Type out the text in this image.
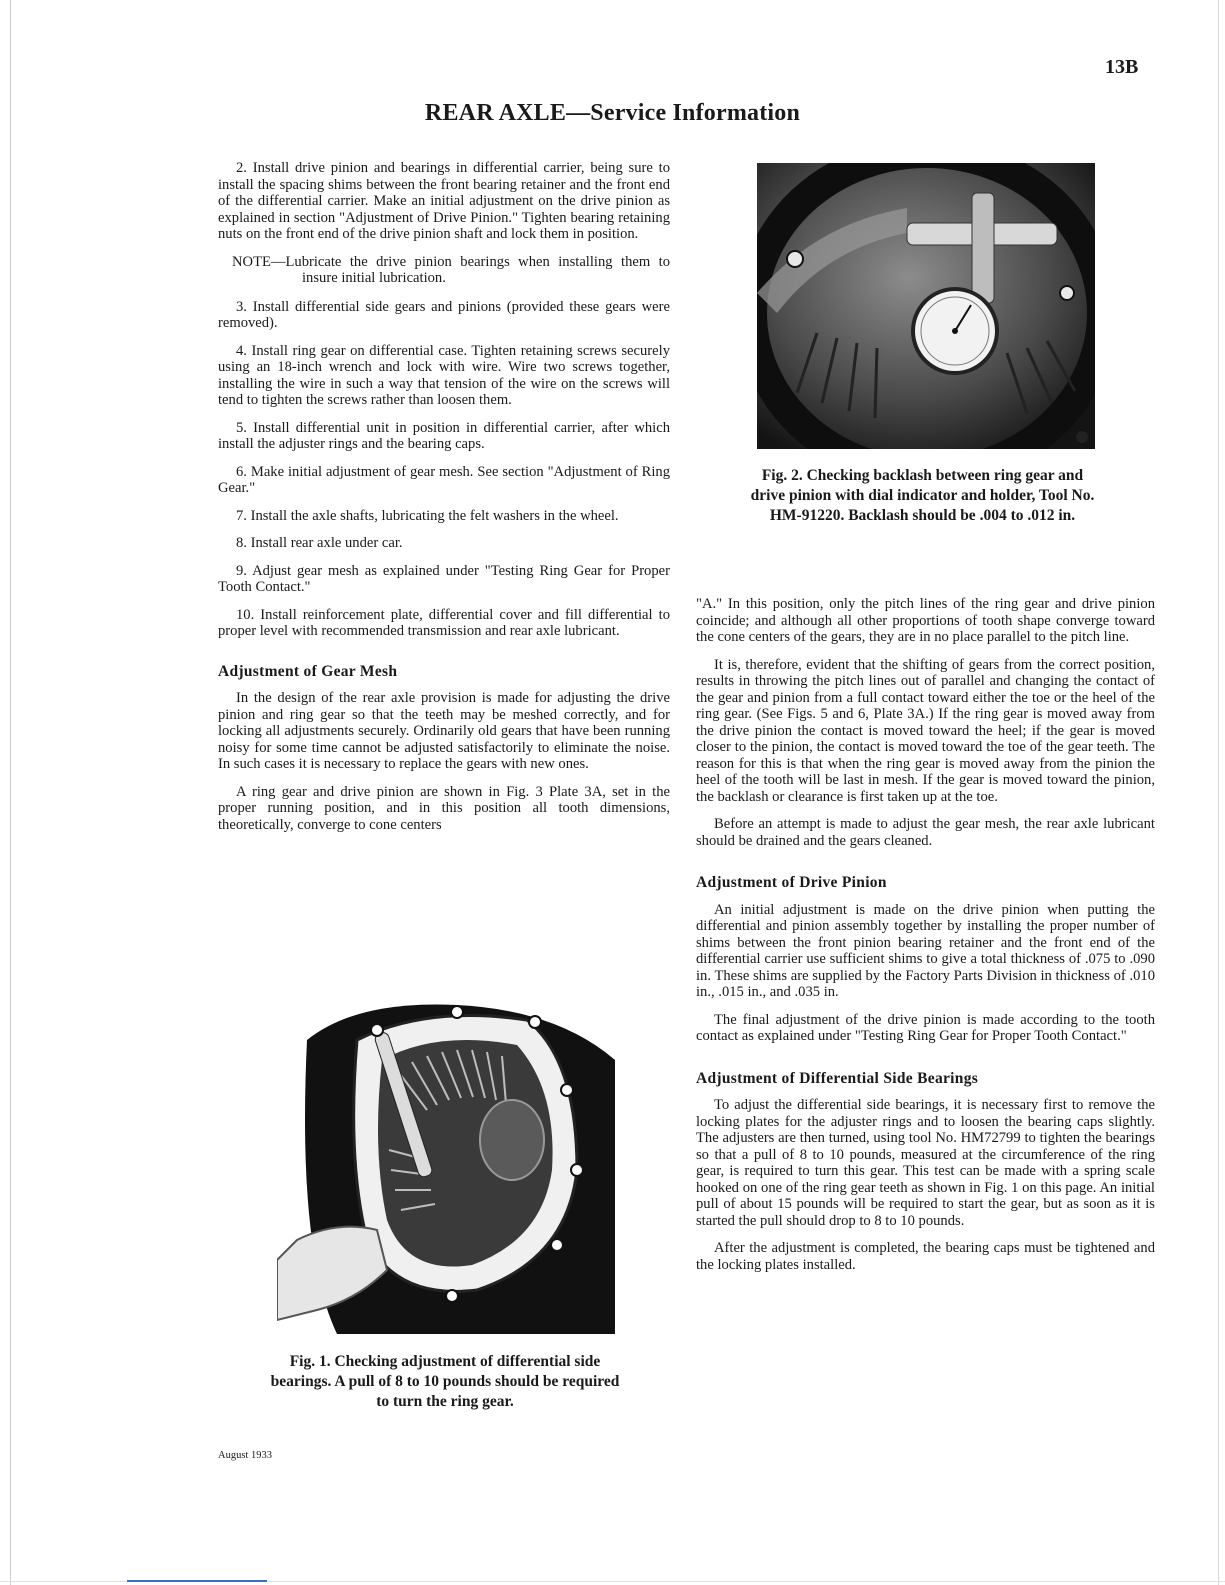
13B
REAR AXLE—Service Information

2. Install drive pinion and bearings in differential carrier, being sure to install the spacing shims between the front bearing retainer and the front end of the differential carrier. Make an initial adjustment on the drive pinion as explained in section "Adjustment of Drive Pinion." Tighten bearing retaining nuts on the front end of the drive pinion shaft and lock them in position.

NOTE—Lubricate the drive pinion bearings when installing them to insure initial lubrication.

3. Install differential side gears and pinions (provided these gears were removed).

4. Install ring gear on differential case. Tighten retaining screws securely using an 18-inch wrench and lock with wire. Wire two screws together, installing the wire in such a way that tension of the wire on the screws will tend to tighten the screws rather than loosen them.

5. Install differential unit in position in differential carrier, after which install the adjuster rings and the bearing caps.

6. Make initial adjustment of gear mesh. See section "Adjustment of Ring Gear."

7. Install the axle shafts, lubricating the felt washers in the wheel.

8. Install rear axle under car.

9. Adjust gear mesh as explained under "Testing Ring Gear for Proper Tooth Contact."

10. Install reinforcement plate, differential cover and fill differential to proper level with recommended transmission and rear axle lubricant.

Adjustment of Gear Mesh

In the design of the rear axle provision is made for adjusting the drive pinion and ring gear so that the teeth may be meshed correctly, and for locking all adjustments securely. Ordinarily old gears that have been running noisy for some time cannot be adjusted satisfactorily to eliminate the noise. In such cases it is necessary to replace the gears with new ones.

A ring gear and drive pinion are shown in Fig. 3 Plate 3A, set in the proper running position, and in this position all tooth dimensions, theoretically, converge to cone centers

Fig. 2. Checking backlash between ring gear and drive pinion with dial indicator and holder, Tool No. HM-91220. Backlash should be .004 to .012 in.
Fig. 1. Checking adjustment of differential side bearings. A pull of 8 to 10 pounds should be required to turn the ring gear.

"A." In this position, only the pitch lines of the ring gear and drive pinion coincide; and although all other proportions of tooth shape converge toward the cone centers of the gears, they are in no place parallel to the pitch line.

It is, therefore, evident that the shifting of gears from the correct position, results in throwing the pitch lines out of parallel and changing the contact of the gear and pinion from a full contact toward either the toe or the heel of the ring gear. (See Figs. 5 and 6, Plate 3A.) If the ring gear is moved away from the drive pinion the contact is moved toward the heel; if the gear is moved closer to the pinion, the contact is moved toward the toe of the gear teeth. The reason for this is that when the ring gear is moved away from the pinion the heel of the tooth will be last in mesh. If the gear is moved toward the pinion, the backlash or clearance is first taken up at the toe.

Before an attempt is made to adjust the gear mesh, the rear axle lubricant should be drained and the gears cleaned.

Adjustment of Drive Pinion

An initial adjustment is made on the drive pinion when putting the differential and pinion assembly together by installing the proper number of shims between the front pinion bearing retainer and the front end of the differential carrier use sufficient shims to give a total thickness of .075 to .090 in. These shims are supplied by the Factory Parts Division in thickness of .010 in., .015 in., and .035 in.

The final adjustment of the drive pinion is made according to the tooth contact as explained under "Testing Ring Gear for Proper Tooth Contact."

Adjustment of Differential Side Bearings

To adjust the differential side bearings, it is necessary first to remove the locking plates for the adjuster rings and to loosen the bearing caps slightly. The adjusters are then turned, using tool No. HM72799 to tighten the bearings so that a pull of 8 to 10 pounds, measured at the circumference of the ring gear, is required to turn this gear. This test can be made with a spring scale hooked on one of the ring gear teeth as shown in Fig. 1 on this page. An initial pull of about 15 pounds will be required to start the gear, but as soon as it is started the pull should drop to 8 to 10 pounds.

After the adjustment is completed, the bearing caps must be tightened and the locking plates installed.

August 1933
